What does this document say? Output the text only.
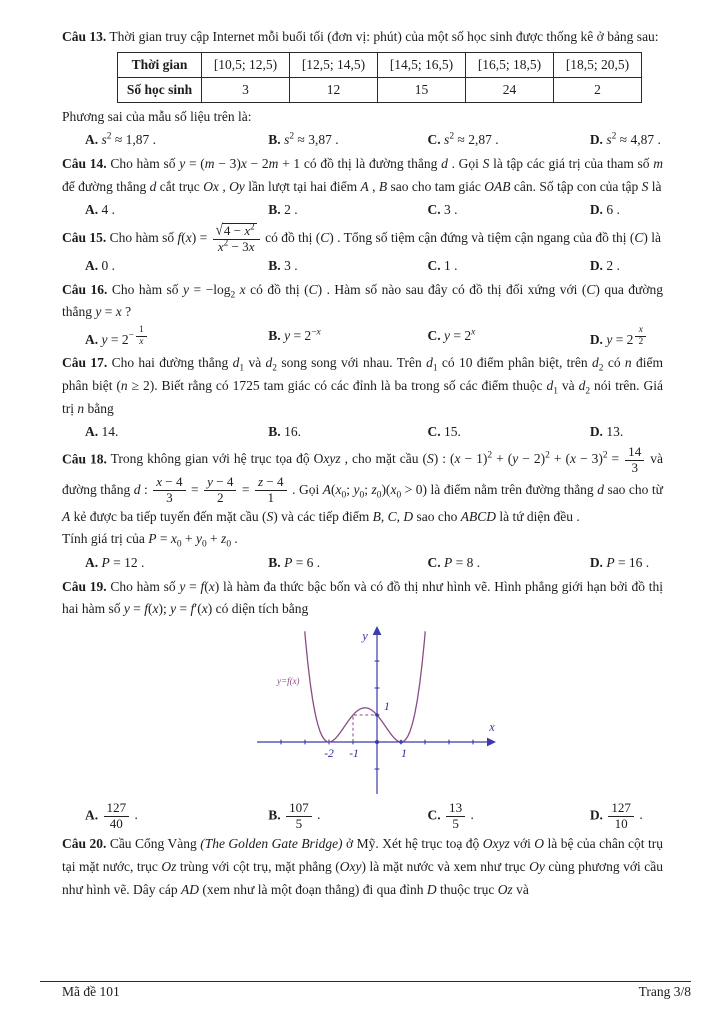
Câu 13. Thời gian truy cập Internet mỗi buổi tối (đơn vị: phút) của một số học sinh được thống kê ở bảng sau:

Thời gian	[10,5; 12,5)	[12,5; 14,5)	[14,5; 16,5)	[16,5; 18,5)	[18,5; 20,5)
Số học sinh	3	12	15	24	2

Phương sai của mẫu số liệu trên là:

A. $s^2 \approx 1,87$ .	B. $s^2 \approx 3,87$ .	C. $s^2 \approx 2,87$ .	D. $s^2 \approx 4,87$ .

Câu 14. Cho hàm số y = (m − 3)x − 2m + 1 có đồ thị là đường thẳng d . Gọi S là tập các giá trị của tham số m để đường thẳng d cắt trục Ox , Oy lần lượt tại hai điểm A , B sao cho tam giác OAB cân. Số tập con của tập S là

A. 4 .	B. 2 .	C. 3 .	D. 6 .

Câu 15. Cho hàm số $f(x) = \frac{√ 4 - x^2}{x^2 - 3x}$ có đồ thị (C) . Tổng số tiệm cận đứng và tiệm cận ngang của đồ thị (C) là

A. 0 .	B. 3 .	C. 1 .	D. 2 .

Câu 16. Cho hàm số $y = -\log_2$ x có đồ thị (C) . Hàm số nào sau đây có đồ thị đối xứng với (C) qua đường thẳng y = x ?

A. $y = 2^{- \frac{1}{x}}$	B. $y = 2^{-x}$	C. $y = 2^x$	D. y = 2 $^{\frac{x}{2}}$

Câu 17. Cho hai đường thẳng $d_1$ và $d_2$ song song với nhau. Trên $d_1$ có 10 điểm phân biệt, trên $d_2$ có n điểm phân biệt (n ≥ 2). Biết rằng có 1725 tam giác có các đỉnh là ba trong số các điểm thuộc $d_1$ và $d_2$ nói trên. Giá trị n bằng

A. 14.	B. 16.	C. 15.	D. 13.

Câu 18. Trong không gian với hệ trục tọa độ Oxyz , cho mặt cầu (S) : $(x - 1)^2 + (y - 2)^2 + (x - 3)^2 = \frac{14}{3}$ và đường thẳng d : $\frac{x - 4}{3} = \frac{y - 4}{2} = \frac{z - 4}{1}$ . Gọi $A(x_0$; $y_0$; $z_0)(x_0 > 0)$ là điểm nằm trên đường thẳng d sao cho từ A kẻ được ba tiếp tuyến đến mặt cầu (S) và các tiếp điểm B, C, D sao cho ABCD là tứ diện đều .

Tính giá trị của $P = x_0 + y_0 + z_0$ .

A. P = 12 .	B. P = 6 .	C. P = 8 .	D. P = 16 .

Câu 19. Cho hàm số y = f(x) là hàm đa thức bậc bốn và có đồ thị như hình vẽ. Hình phẳng giới hạn bởi đồ thị hai hàm số y = f(x); y = f′(x) có diện tích bằng

y
x
1
-2 -1	1
y=f(x)
A. $\frac{127}{40}$ .	B. $\frac{107}{5}$ .	C. $\frac{13}{5}$ .	D. $\frac{127}{10}$ .

Câu 20. Cầu Cổng Vàng (The Golden Gate Bridge) ở Mỹ. Xét hệ trục toạ độ Oxyz với O là bệ của chân cột trụ tại mặt nước, trục Oz trùng với cột trụ, mặt phẳng (Oxy) là mặt nước và xem như trục Oy cùng phương với cầu như hình vẽ. Dây cáp AD (xem như là một đoạn thẳng) đi qua đỉnh D thuộc trục Oz và

Mã đề 101	Trang 3/8
